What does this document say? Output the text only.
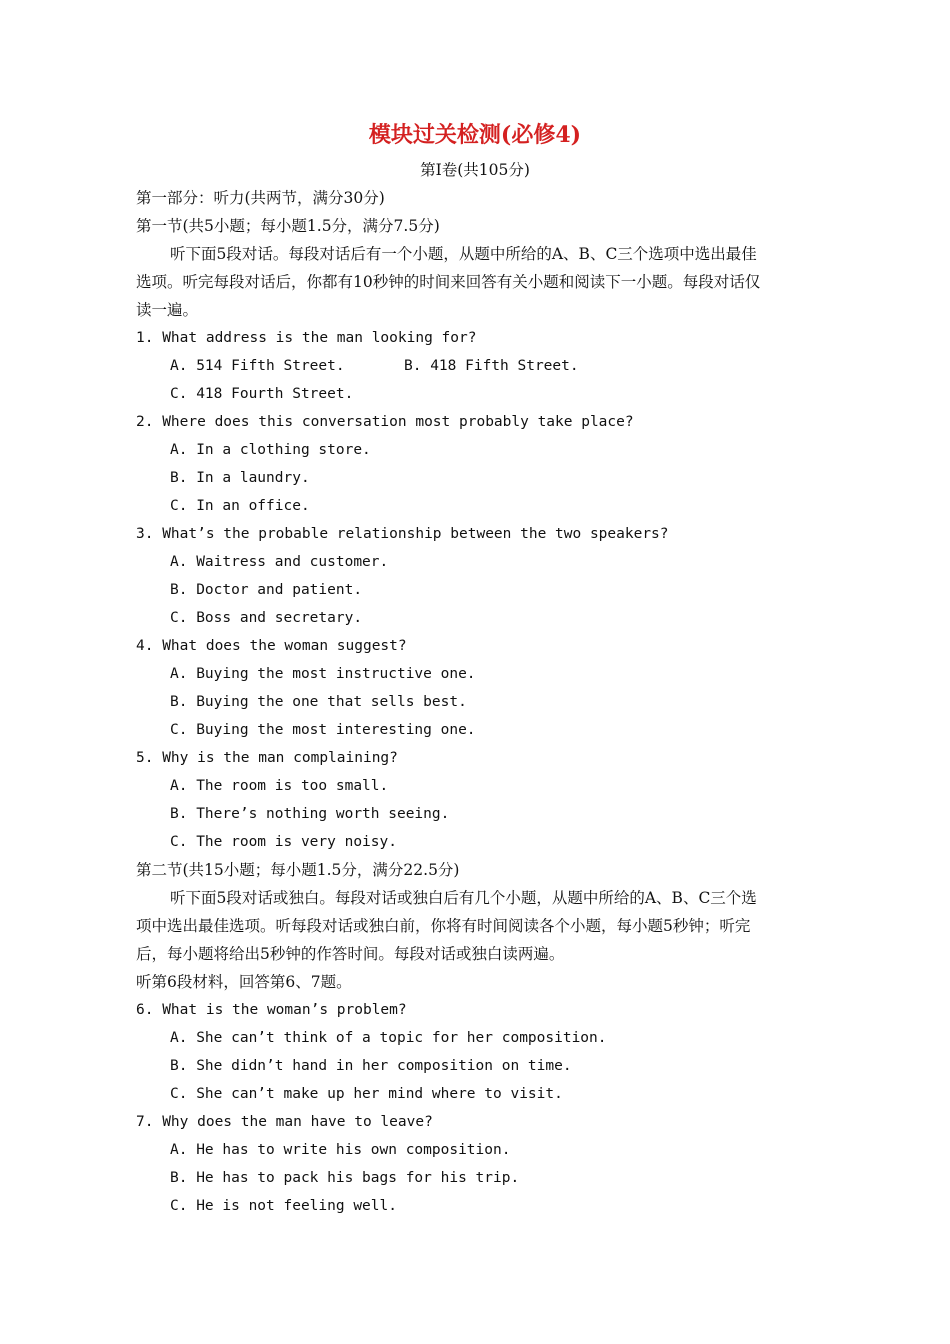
模块过关检测(必修4)
第Ⅰ卷(共105分)
第一部分：听力(共两节，满分30分)
第一节(共5小题；每小题1.5分，满分7.5分)
听下面5段对话。每段对话后有一个小题，从题中所给的A、B、C三个选项中选出最佳
选项。听完每段对话后，你都有10秒钟的时间来回答有关小题和阅读下一小题。每段对话仅
读一遍。
1. What address is the man looking for?
A. 514 Fifth Street.	B. 418 Fifth Street.
C. 418 Fourth Street.
2. Where does this conversation most probably take place?
A. In a clothing store.
B. In a laundry.
C. In an office.
3. What’s the probable relationship between the two speakers?
A. Waitress and customer.
B. Doctor and patient.
C. Boss and secretary.
4. What does the woman suggest?
A. Buying the most instructive one.
B. Buying the one that sells best.
C. Buying the most interesting one.
5. Why is the man complaining?
A. The room is too small.
B. There’s nothing worth seeing.
C. The room is very noisy.
第二节(共15小题；每小题1.5分，满分22.5分)
听下面5段对话或独白。每段对话或独白后有几个小题，从题中所给的A、B、C三个选
项中选出最佳选项。听每段对话或独白前，你将有时间阅读各个小题，每小题5秒钟；听完
后，每小题将给出5秒钟的作答时间。每段对话或独白读两遍。
听第6段材料，回答第6、7题。
6. What is the woman’s problem?
A. She can’t think of a topic for her composition.
B. She didn’t hand in her composition on time.
C. She can’t make up her mind where to visit.
7. Why does the man have to leave?
A. He has to write his own composition.
B. He has to pack his bags for his trip.
C. He is not feeling well.
